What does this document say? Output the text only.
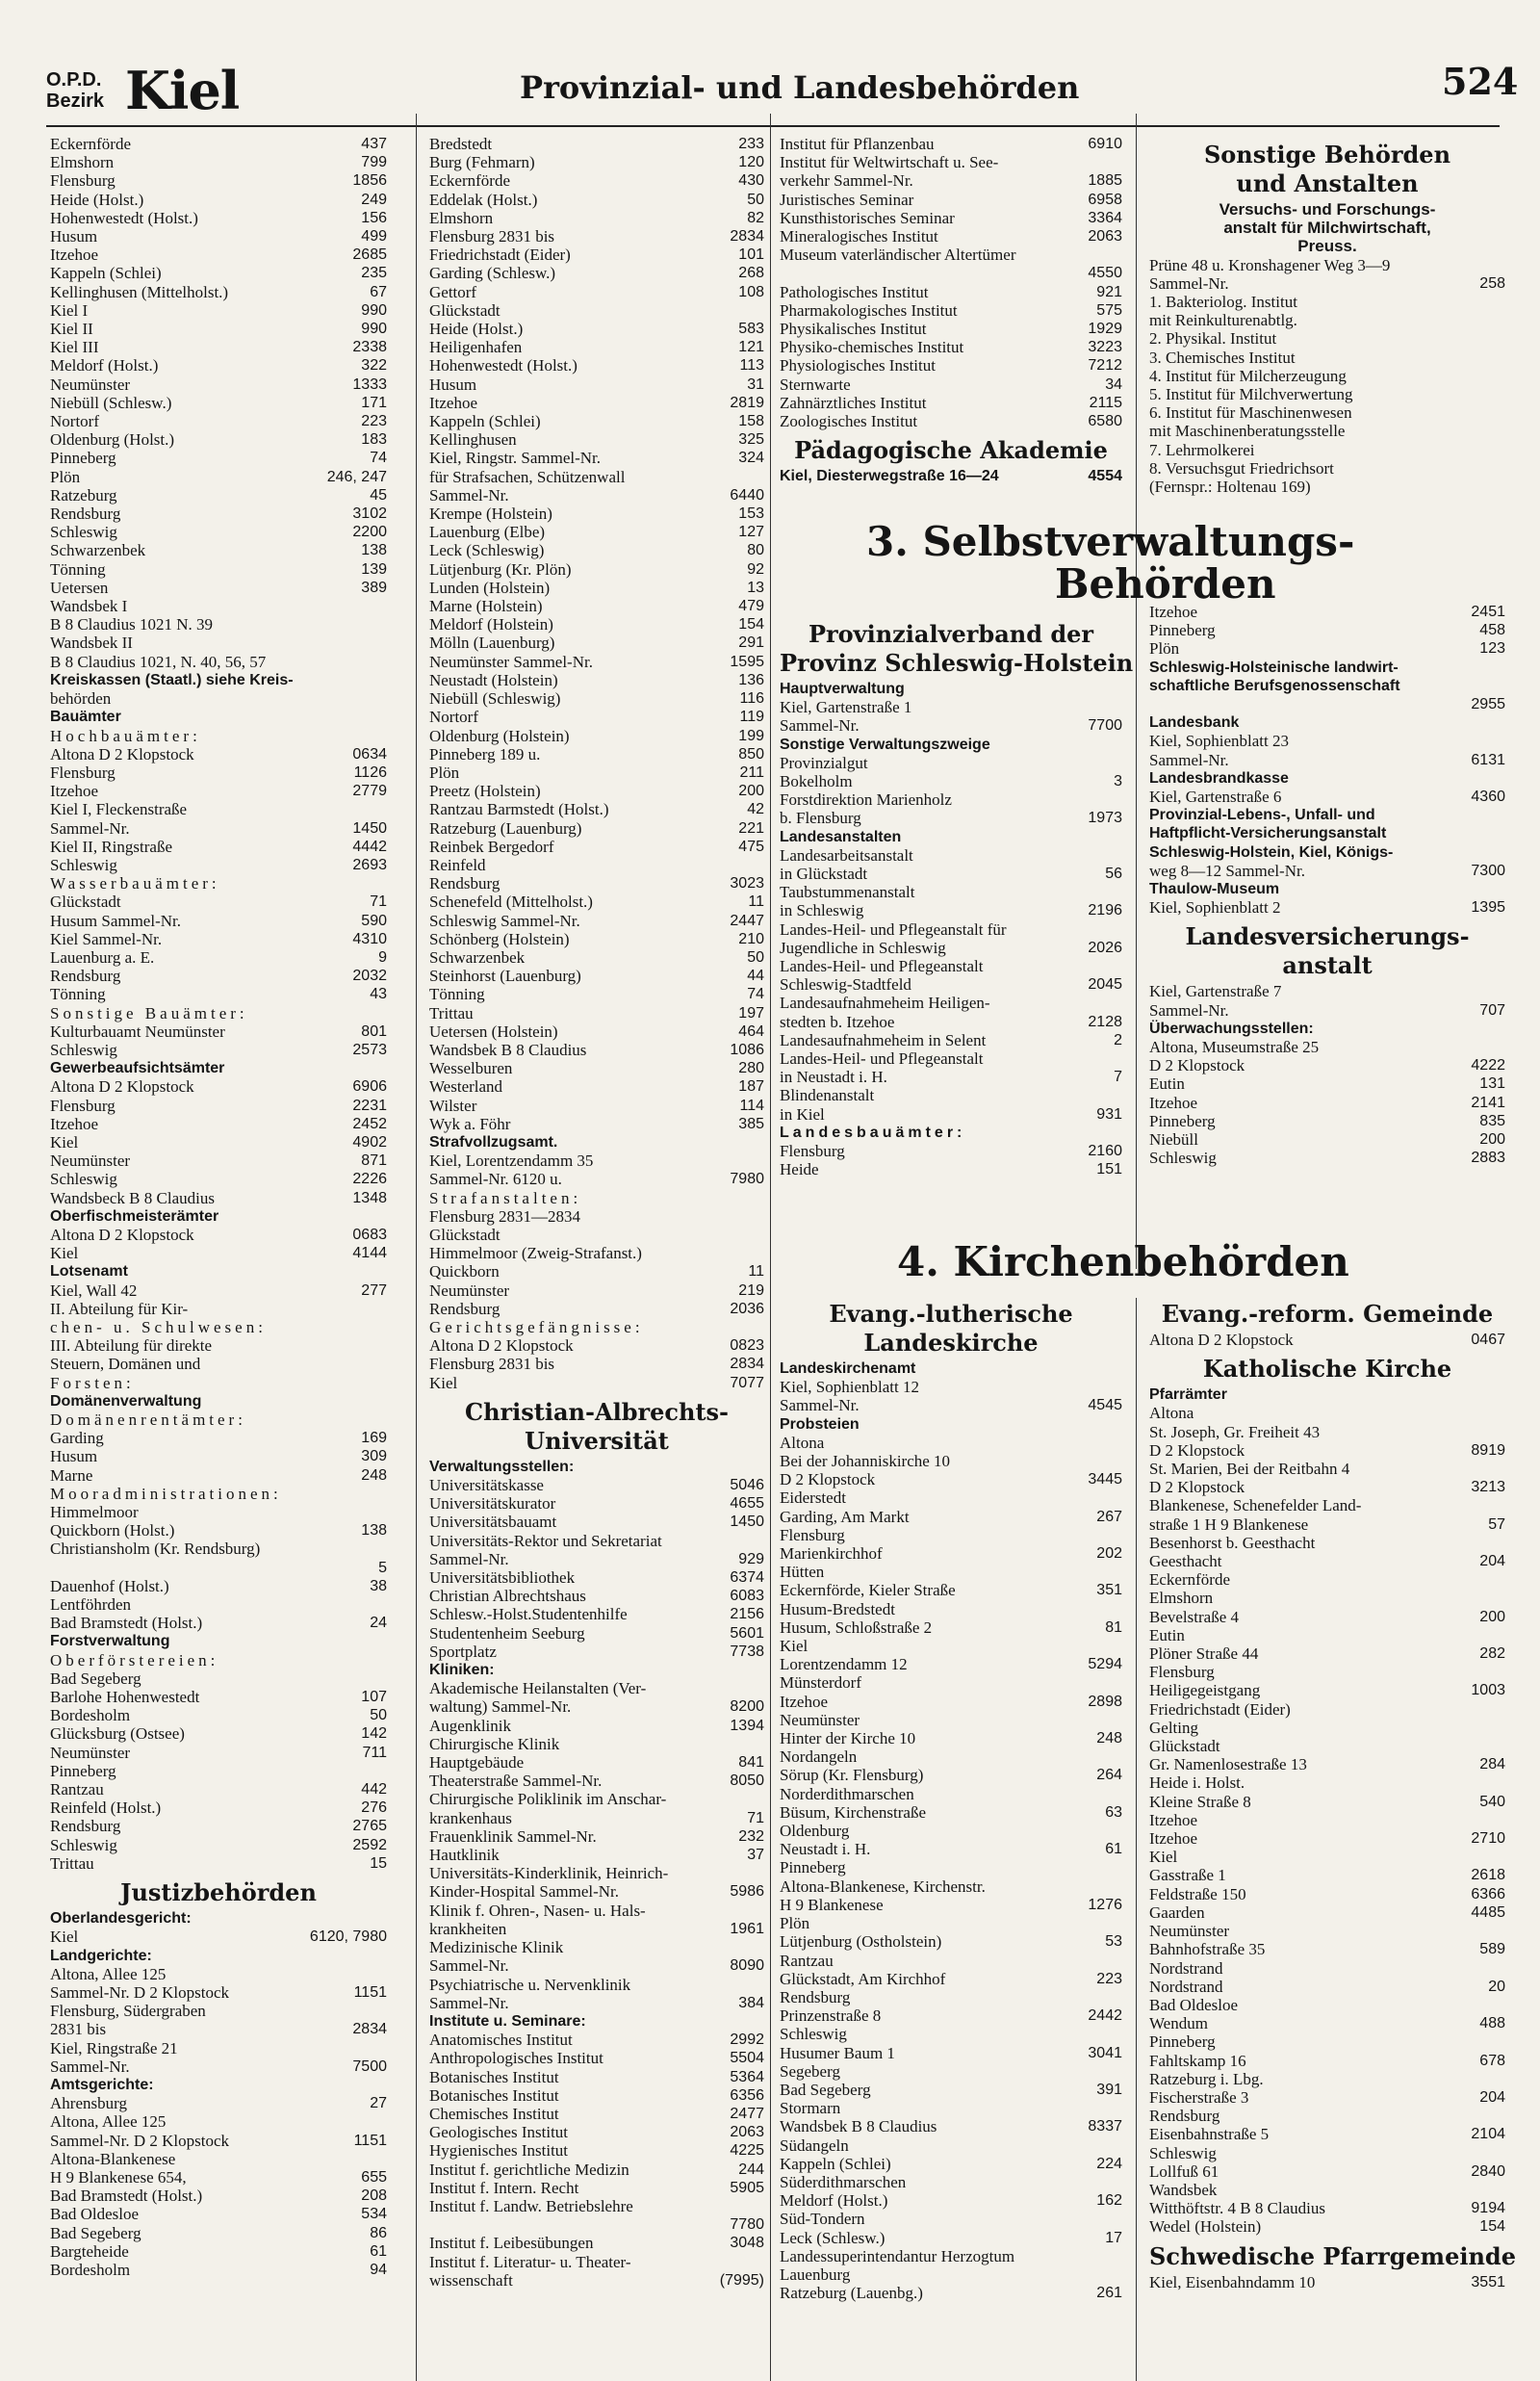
O.P.D.
Bezirk Kiel	Provinzial- und Landesbehörden	524
Eckernförde	437
Elmshorn	799
Flensburg	1856
Heide (Holst.)	249
Hohenwestedt (Holst.)	156
Husum	499
Itzehoe	2685
Kappeln (Schlei)	235
Kellinghusen (Mittelholst.)	67
Kiel I	990
Kiel II	990
Kiel III	2338
Meldorf (Holst.)	322
Neumünster	1333
Niebüll (Schlesw.)	171
Nortorf	223
Oldenburg (Holst.)	183
Pinneberg	74
Plön	246, 247
Ratzeburg	45
Rendsburg	3102
Schleswig	2200
Schwarzenbek	138
Tönning	139
Uetersen	389
Wandsbek I
B 8 Claudius 1021 N. 39
Wandsbek II
B 8 Claudius 1021, N. 40, 56, 57
Kreiskassen (Staatl.) siehe Kreis-
behörden
Bauämter
Hochbauämter:
Altona D 2 Klopstock	0634
Flensburg	1126
Itzehoe	2779
Kiel I, Fleckenstraße
Sammel-Nr.	1450
Kiel II, Ringstraße	4442
Schleswig	2693
Wasserbauämter:
Glückstadt	71
Husum Sammel-Nr.	590
Kiel Sammel-Nr.	4310
Lauenburg a. E.	9
Rendsburg	2032
Tönning	43
Sonstige Bauämter:
Kulturbauamt Neumünster	801
Schleswig	2573
Gewerbeaufsichtsämter
Altona D 2 Klopstock	6906
Flensburg	2231
Itzehoe	2452
Kiel	4902
Neumünster	871
Schleswig	2226
Wandsbeck B 8 Claudius	1348
Oberfischmeisterämter
Altona D 2 Klopstock	0683
Kiel	4144
Lotsenamt
Kiel, Wall 42	277
II. Abteilung für Kir-
chen- u. Schulwesen:
III. Abteilung für direkte
Steuern, Domänen und
Forsten:
Domänenverwaltung
Domänenrentämter:
Garding	169
Husum	309
Marne	248
Mooradministrationen:
Himmelmoor
Quickborn (Holst.)	138
Christiansholm (Kr. Rendsburg)
5
Dauenhof (Holst.)	38
Lentföhrden
Bad Bramstedt (Holst.)	24
Forstverwaltung
Oberförstereien:
Bad Segeberg
Barlohe Hohenwestedt	107
Bordesholm	50
Glücksburg (Ostsee)	142
Neumünster	711
Pinneberg
Rantzau	442
Reinfeld (Holst.)	276
Rendsburg	2765
Schleswig	2592
Trittau	15
Justizbehörden
Oberlandesgericht:
Kiel	6120, 7980
Landgerichte:
Altona, Allee 125
Sammel-Nr. D 2 Klopstock	1151
Flensburg, Südergraben
2831 bis	2834
Kiel, Ringstraße 21
Sammel-Nr.	7500
Amtsgerichte:
Ahrensburg	27
Altona, Allee 125
Sammel-Nr. D 2 Klopstock	1151
Altona-Blankenese
H 9 Blankenese 654,	655
Bad Bramstedt (Holst.)	208
Bad Oldesloe	534
Bad Segeberg	86
Bargteheide	61
Bordesholm	94
Bredstedt	233
Burg (Fehmarn)	120
Eckernförde	430
Eddelak (Holst.)	50
Elmshorn	82
Flensburg 2831 bis	2834
Friedrichstadt (Eider)	101
Garding (Schlesw.)	268
Gettorf	108
Glückstadt
Heide (Holst.)	583
Heiligenhafen	121
Hohenwestedt (Holst.)	113
Husum	31
Itzehoe	2819
Kappeln (Schlei)	158
Kellinghusen	325
Kiel, Ringstr. Sammel-Nr.	324
für Strafsachen, Schützenwall
Sammel-Nr.	6440
Krempe (Holstein)	153
Lauenburg (Elbe)	127
Leck (Schleswig)	80
Lütjenburg (Kr. Plön)	92
Lunden (Holstein)	13
Marne (Holstein)	479
Meldorf (Holstein)	154
Mölln (Lauenburg)	291
Neumünster Sammel-Nr.	1595
Neustadt (Holstein)	136
Niebüll (Schleswig)	116
Nortorf	119
Oldenburg (Holstein)	199
Pinneberg 189 u.	850
Plön	211
Preetz (Holstein)	200
Rantzau Barmstedt (Holst.)	42
Ratzeburg (Lauenburg)	221
Reinbek Bergedorf	475
Reinfeld
Rendsburg	3023
Schenefeld (Mittelholst.)	11
Schleswig Sammel-Nr.	2447
Schönberg (Holstein)	210
Schwarzenbek	50
Steinhorst (Lauenburg)	44
Tönning	74
Trittau	197
Uetersen (Holstein)	464
Wandsbek B 8 Claudius	1086
Wesselburen	280
Westerland	187
Wilster	114
Wyk a. Föhr	385
Strafvollzugsamt.
Kiel, Lorentzendamm 35
Sammel-Nr. 6120 u.	7980
Strafanstalten:
Flensburg 2831—2834
Glückstadt
Himmelmoor (Zweig-Strafanst.)
Quickborn	11
Neumünster	219
Rendsburg	2036
Gerichtsgefängnisse:
Altona D 2 Klopstock	0823
Flensburg 2831 bis	2834
Kiel	7077
Christian-Albrechts-
Universität
Verwaltungsstellen:
Universitätskasse	5046
Universitätskurator	4655
Universitätsbauamt	1450
Universitäts-Rektor und Sekretariat
Sammel-Nr.	929
Universitätsbibliothek	6374
Christian Albrechtshaus	6083
Schlesw.-Holst.Studentenhilfe	2156
Studentenheim Seeburg	5601
Sportplatz	7738
Kliniken:
Akademische Heilanstalten (Ver-
waltung) Sammel-Nr.	8200
Augenklinik	1394
Chirurgische Klinik
Hauptgebäude	841
Theaterstraße Sammel-Nr.	8050
Chirurgische Poliklinik im Anschar-
krankenhaus	71
Frauenklinik Sammel-Nr.	232
Hautklinik	37
Universitäts-Kinderklinik, Heinrich-
Kinder-Hospital Sammel-Nr.	5986
Klinik f. Ohren-, Nasen- u. Hals-
krankheiten	1961
Medizinische Klinik
Sammel-Nr.	8090
Psychiatrische u. Nervenklinik
Sammel-Nr.	384
Institute u. Seminare:
Anatomisches Institut	2992
Anthropologisches Institut	5504
Botanisches Institut	5364
Botanisches Institut	6356
Chemisches Institut	2477
Geologisches Institut	2063
Hygienisches Institut	4225
Institut f. gerichtliche Medizin	244
Institut f. Intern. Recht	5905
Institut f. Landw. Betriebslehre
7780
Institut f. Leibesübungen	3048
Institut f. Literatur- u. Theater-
wissenschaft	(7995)
Institut für Pflanzenbau	6910
Institut für Weltwirtschaft u. See-
verkehr Sammel-Nr.	1885
Juristisches Seminar	6958
Kunsthistorisches Seminar	3364
Mineralogisches Institut	2063
Museum vaterländischer Altertümer
4550
Pathologisches Institut	921
Pharmakologisches Institut	575
Physikalisches Institut	1929
Physiko-chemisches Institut	3223
Physiologisches Institut	7212
Sternwarte	34
Zahnärztliches Institut	2115
Zoologisches Institut	6580
Pädagogische Akademie
Kiel, Diesterwegstraße 16—24	4554
3. Selbstverwaltungs-
Behörden
Provinzialverband der
Provinz Schleswig-Holstein
Hauptverwaltung
Kiel, Gartenstraße 1
Sammel-Nr.	7700
Sonstige Verwaltungszweige
Provinzialgut
Bokelholm	3
Forstdirektion Marienholz
b. Flensburg	1973
Landesanstalten
Landesarbeitsanstalt
in Glückstadt	56
Taubstummenanstalt
in Schleswig	2196
Landes-Heil- und Pflegeanstalt für
Jugendliche in Schleswig	2026
Landes-Heil- und Pflegeanstalt
Schleswig-Stadtfeld	2045
Landesaufnahmeheim Heiligen-
stedten b. Itzehoe	2128
Landesaufnahmeheim in Selent	2
Landes-Heil- und Pflegeanstalt
in Neustadt i. H.	7
Blindenanstalt
in Kiel	931
Landesbauämter:
Flensburg	2160
Heide	151
4. Kirchenbehörden
Evang.-lutherische
Landeskirche
Landeskirchenamt
Kiel, Sophienblatt 12
Sammel-Nr.	4545
Probsteien
Altona
Bei der Johanniskirche 10
D 2 Klopstock	3445
Eiderstedt
Garding, Am Markt	267
Flensburg
Marienkirchhof	202
Hütten
Eckernförde, Kieler Straße	351
Husum-Bredstedt
Husum, Schloßstraße 2	81
Kiel
Lorentzendamm 12	5294
Münsterdorf
Itzehoe	2898
Neumünster
Hinter der Kirche 10	248
Nordangeln
Sörup (Kr. Flensburg)	264
Norderdithmarschen
Büsum, Kirchenstraße	63
Oldenburg
Neustadt i. H.	61
Pinneberg
Altona-Blankenese, Kirchenstr.
H 9 Blankenese	1276
Plön
Lütjenburg (Ostholstein)	53
Rantzau
Glückstadt, Am Kirchhof	223
Rendsburg
Prinzenstraße 8	2442
Schleswig
Husumer Baum 1	3041
Segeberg
Bad Segeberg	391
Stormarn
Wandsbek B 8 Claudius	8337
Südangeln
Kappeln (Schlei)	224
Süderdithmarschen
Meldorf (Holst.)	162
Süd-Tondern
Leck (Schlesw.)	17
Landessuperintendantur Herzogtum
Lauenburg
Ratzeburg (Lauenbg.)	261
Sonstige Behörden
und Anstalten
Versuchs- und Forschungs-
anstalt für Milchwirtschaft,
Preuss.
Prüne 48 u. Kronshagener Weg 3—9
Sammel-Nr.	258
1. Bakteriolog. Institut
mit Reinkulturenabtlg.
2. Physikal. Institut
3. Chemisches Institut
4. Institut für Milcherzeugung
5. Institut für Milchverwertung
6. Institut für Maschinenwesen
mit Maschinenberatungsstelle
7. Lehrmolkerei
8. Versuchsgut Friedrichsort
(Fernspr.: Holtenau 169)
Itzehoe	2451
Pinneberg	458
Plön	123
Schleswig-Holsteinische landwirt-
schaftliche Berufsgenossenschaft
2955
Landesbank
Kiel, Sophienblatt 23
Sammel-Nr.	6131
Landesbrandkasse
Kiel, Gartenstraße 6	4360
Provinzial-Lebens-, Unfall- und
Haftpflicht-Versicherungsanstalt
Schleswig-Holstein, Kiel, Königs-
weg 8—12 Sammel-Nr.	7300
Thaulow-Museum
Kiel, Sophienblatt 2	1395
Landesversicherungs-
anstalt
Kiel, Gartenstraße 7
Sammel-Nr.	707
Überwachungsstellen:
Altona, Museumstraße 25
D 2 Klopstock	4222
Eutin	131
Itzehoe	2141
Pinneberg	835
Niebüll	200
Schleswig	2883
Evang.-reform. Gemeinde
Altona D 2 Klopstock	0467
Katholische Kirche
Pfarrämter
Altona
St. Joseph, Gr. Freiheit 43
D 2 Klopstock	8919
St. Marien, Bei der Reitbahn 4
D 2 Klopstock	3213
Blankenese, Schenefelder Land-
straße 1 H 9 Blankenese	57
Besenhorst b. Geesthacht
Geesthacht	204
Eckernförde
Elmshorn
Bevelstraße 4	200
Eutin
Plöner Straße 44	282
Flensburg
Heiligegeistgang	1003
Friedrichstadt (Eider)
Gelting
Glückstadt
Gr. Namenlosestraße 13	284
Heide i. Holst.
Kleine Straße 8	540
Itzehoe
Itzehoe	2710
Kiel
Gasstraße 1	2618
Feldstraße 150	6366
Gaarden	4485
Neumünster
Bahnhofstraße 35	589
Nordstrand
Nordstrand	20
Bad Oldesloe
Wendum	488
Pinneberg
Fahltskamp 16	678
Ratzeburg i. Lbg.
Fischerstraße 3	204
Rendsburg
Eisenbahnstraße 5	2104
Schleswig
Lollfuß 61	2840
Wandsbek
Witthöftstr. 4 B 8 Claudius	9194
Wedel (Holstein)	154
Schwedische Pfarrgemeinde
Kiel, Eisenbahndamm 10	3551
